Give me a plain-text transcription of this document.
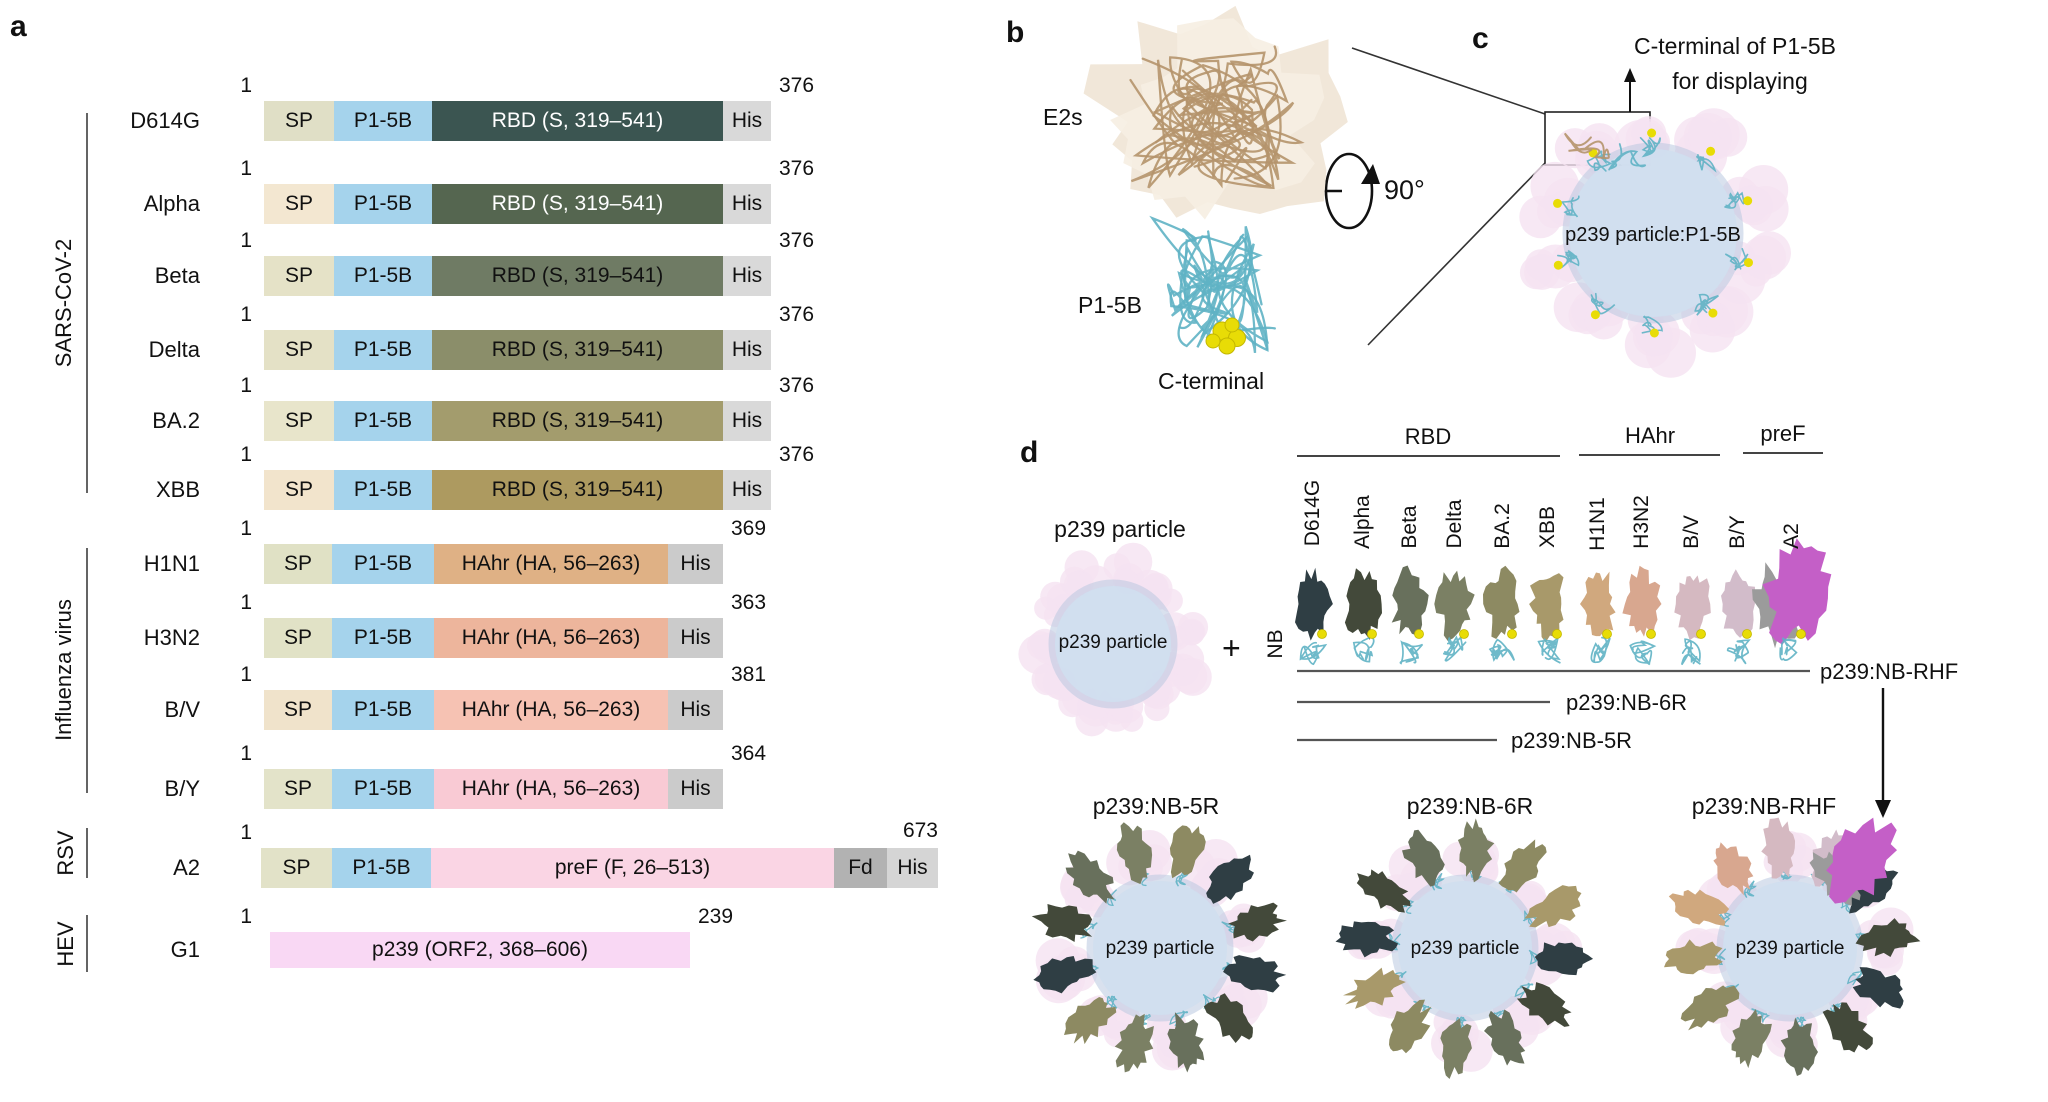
a	b	c
d
SARS-CoV-2
Influenza virus
RSV
HEV
D614G
1
SP	P1-5B	RBD (S, 319–541)	His
376
Alpha
1
SP	P1-5B	RBD (S, 319–541)	His
376
Beta
1
SP	P1-5B	RBD (S, 319–541)	His
376
Delta
1
SP	P1-5B	RBD (S, 319–541)	His
376
BA.2
1
SP	P1-5B	RBD (S, 319–541)	His
376
XBB
1
SP	P1-5B	RBD (S, 319–541)	His
376
H1N1
1
SP	P1-5B	HAhr (HA, 56–263)	His
369
H3N2
1
SP	P1-5B	HAhr (HA, 56–263)	His
363
B/V
1
SP	P1-5B	HAhr (HA, 56–263)	His
381
B/Y
1
SP	P1-5B	HAhr (HA, 56–263)	His
364
A2
1
SP	P1-5B	preF (F, 26–513)	Fd	His
673
G1
1
p239 (ORF2, 368–606)
239
E2s
P1-5B
C-terminal
90°
C-terminal of P1-5B
for displaying
p239 particle:P1-5B
p239 particle
p239 particle + NB
RBD	HAhr	preF
D614G Alpha Beta Delta BA.2 XBB H1N1 H3N2 B/V B/Y A2
p239:NB-RHF
p239:NB-6R
p239:NB-5R
p239:NB-5R	p239:NB-6R	p239:NB-RHF
p239 particle	p239 particle	p239 particle
